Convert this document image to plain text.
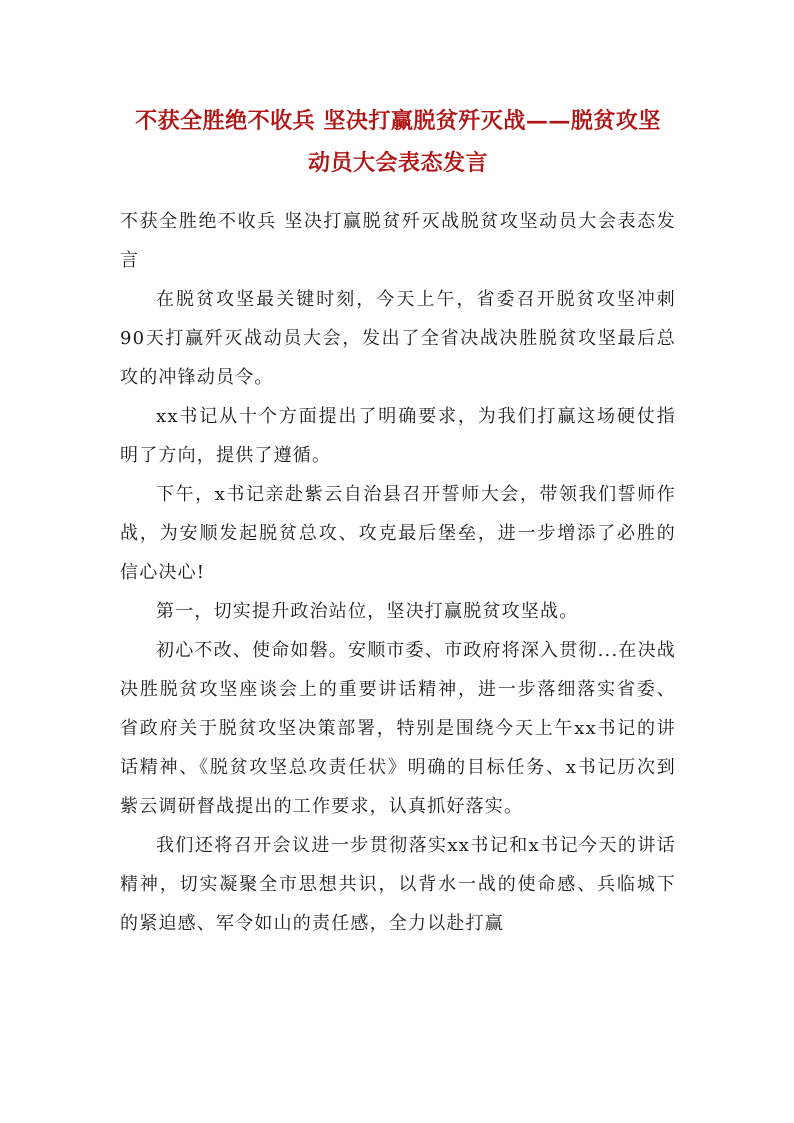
不获全胜绝不收兵 坚决打赢脱贫歼灭战——脱贫攻坚动员大会表态发言

不获全胜绝不收兵 坚决打赢脱贫歼灭战脱贫攻坚动员大会表态发言

在脱贫攻坚最关键时刻，今天上午，省委召开脱贫攻坚冲刺90天打赢歼灭战动员大会，发出了全省决战决胜脱贫攻坚最后总攻的冲锋动员令。

xx书记从十个方面提出了明确要求，为我们打赢这场硬仗指明了方向，提供了遵循。

下午，x书记亲赴紫云自治县召开誓师大会，带领我们誓师作战，为安顺发起脱贫总攻、攻克最后堡垒，进一步增添了必胜的信心决心!

第一，切实提升政治站位，坚决打赢脱贫攻坚战。

初心不改、使命如磐。安顺市委、市政府将深入贯彻...在决战决胜脱贫攻坚座谈会上的重要讲话精神，进一步落细落实省委、省政府关于脱贫攻坚决策部署，特别是围绕今天上午xx书记的讲话精神、《脱贫攻坚总攻责任状》明确的目标任务、x书记历次到紫云调研督战提出的工作要求，认真抓好落实。

我们还将召开会议进一步贯彻落实xx书记和x书记今天的讲话精神，切实凝聚全市思想共识，以背水一战的使命感、兵临城下的紧迫感、军令如山的责任感，全力以赴打赢
